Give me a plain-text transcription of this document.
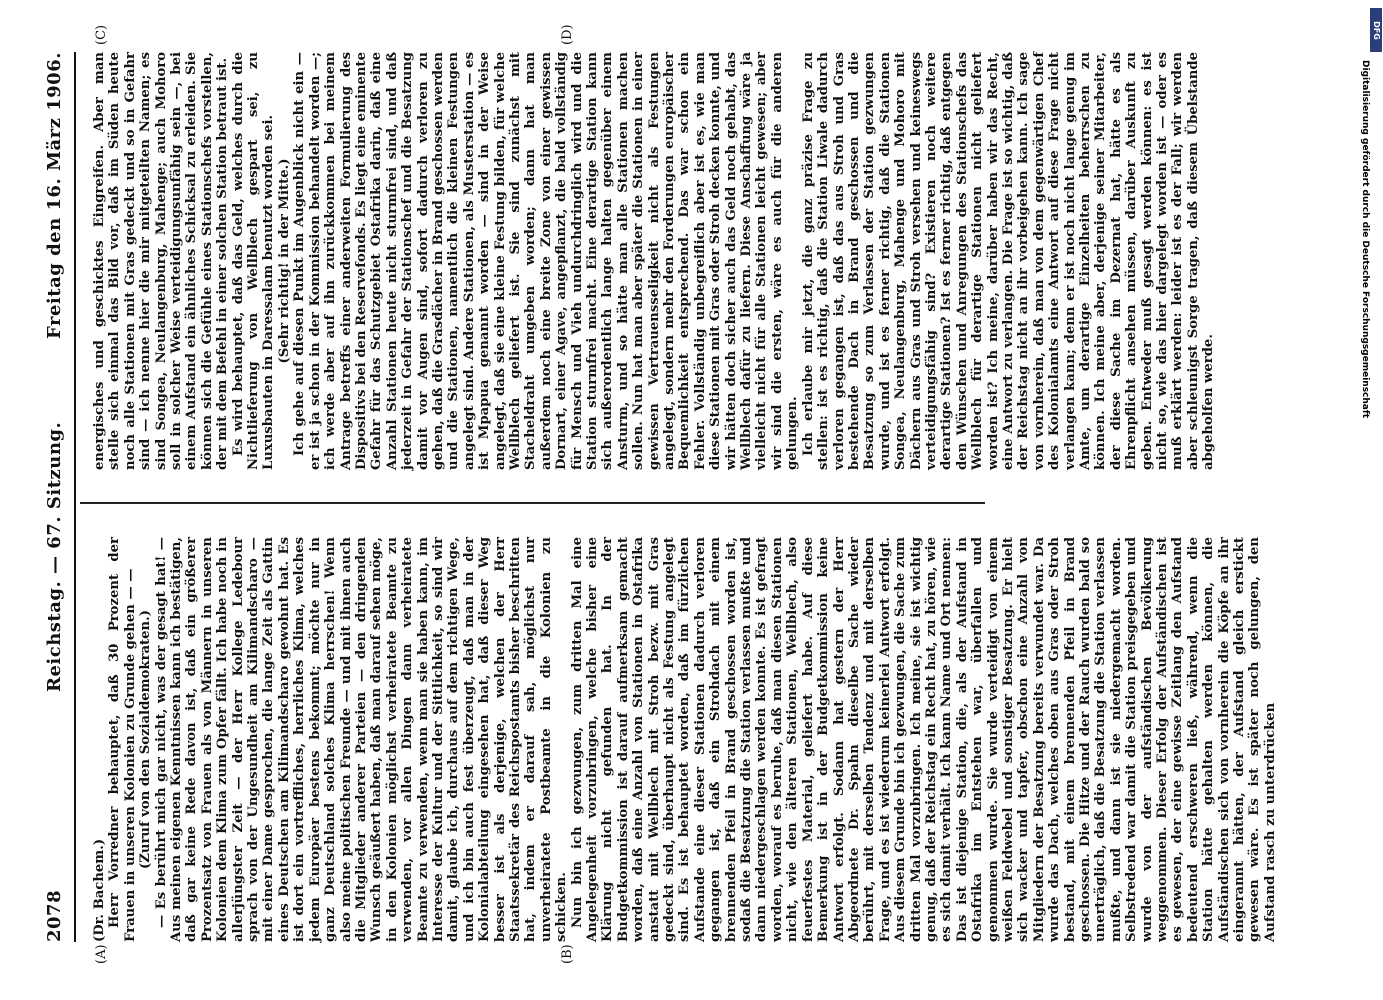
2078
Reichstag. — 67. Sitzung.
Freitag den 16. März 1906.

(Dr. Bachem.) Herr Vorredner behauptet, daß 30 Prozent der Frauen in unseren Kolonien zu Grunde gehen — — (Zuruf von den Sozialdemokraten.) — Es berührt mich gar nicht, was der gesagt hat! — Aus meinen eigenen Kenntnissen kann ich bestätigen, daß gar keine Rede davon ist, daß ein größerer Prozentsatz von Frauen als von Männern in unseren Kolonien dem Klima zum Opfer fällt. Ich habe noch in allerjüngster Zeit — der Herr Kollege Ledebour sprach von der Ungesundheit am Kilimandscharo — mit einer Dame gesprochen, die lange Zeit als Gattin eines Deutschen am Kilimandscharo gewohnt hat. Es ist dort ein vortreffliches, herrliches Klima, welches jedem Europäer bestens bekommt; möchte nur in ganz Deutschland solches Klima herrschen! Wenn also meine politischen Freunde — und mit ihnen auch die Mitglieder anderer Parteien — den dringenden Wunsch geäußert haben, daß man darauf sehen möge, in den Kolonien möglichst verheiratete Beamte zu verwenden, vor allen Dingen dann verheiratete Beamte zu verwenden, wenn man sie haben kann, im Interesse der Kultur und der Sittlichkeit, so sind wir damit, glaube ich, durchaus auf dem richtigen Wege, und ich bin auch fest überzeugt, daß man in der Kolonialabteilung eingesehen hat, daß dieser Weg besser ist als derjenige, welchen der Herr Staatssekretär des Reichspostamts bisher beschritten hat, indem er darauf sah, möglichst nur unverheiratete Postbeamte in die Kolonien zu schicken. Nun bin ich gezwungen, zum dritten Mal eine Angelegenheit vorzubringen, welche bisher eine Klärung nicht gefunden hat. In der Budgetkommission ist darauf aufmerksam gemacht worden, daß eine Anzahl von Stationen in Ostafrika anstatt mit Wellblech mit Stroh bezw. mit Gras gedeckt sind, überhaupt nicht als Festung angelegt sind. Es ist behauptet worden, daß im fürzlichen Aufstande eine dieser Stationen dadurch verloren gegangen ist, daß ein Strohdach mit einem brennenden Pfeil in Brand geschossen worden ist, sodaß die Besatzung die Station verlassen mußte und dann niedergeschlagen werden konnte. Es ist gefragt worden, worauf es beruhe, daß man diesen Stationen nicht, wie den älteren Stationen, Wellblech, also feuerfestes Material, geliefert habe. Auf diese Bemerkung ist in der Budgetkommission keine Antwort erfolgt. Sodann hat gestern der Herr Abgeordnete Dr. Spahn dieselbe Sache wieder berührt, mit derselben Tendenz und mit derselben Frage, und es ist wiederum keinerlei Antwort erfolgt. Aus diesem Grunde bin ich gezwungen, die Sache zum dritten Mal vorzubringen. Ich meine, sie ist wichtig genug, daß der Reichstag ein Recht hat, zu hören, wie es sich damit verhält. Ich kann Name und Ort nennen: Das ist diejenige Station, die, als der Aufstand in Ostafrika im Entstehen war, überfallen und genommen wurde. Sie wurde verteidigt von einem weißen Feldwebel und sonstiger Besatzung. Er hielt sich wacker und tapfer, obschon eine Anzahl von Mitgliedern der Besatzung bereits verwundet war. Da wurde das Dach, welches oben aus Gras oder Stroh bestand, mit einem brennenden Pfeil in Brand geschossen. Die Hitze und der Rauch wurden bald so unerträglich, daß die Besatzung die Station verlassen mußte, und dann ist sie niedergemacht worden. Selbstredend war damit die Station preisgegeben und wurde von der aufständischen Bevölkerung weggenommen. Dieser Erfolg der Aufständischen ist es gewesen, der eine gewisse Zeitlang den Aufstand bedeutend erschweren ließ, während, wenn die Station hätte gehalten werden können, die Aufständischen sich von vornherein die Köpfe an ihr eingerannt hätten, der Aufstand gleich erstickt gewesen wäre. Es ist später noch gelungen, den Aufstand rasch zu unterdrücken

energisches und geschicktes Eingreifen. Aber man stelle sich einmal das Bild vor, daß im Süden heute noch alle Stationen mit Gras gedeckt und so in Gefahr sind — ich nenne hier die mir mitgeteilten Namen; es sind Songea, Neulangenburg, Mahenge; auch Mohoro soll in solcher Weise verteidigungsunfähig sein —, bei einem Aufstand ein ähnliches Schicksal zu erleiden. Sie können sich die Gefühle eines Stationschefs vorstellen, der mit dem Befehl in einer solchen Station betraut ist. Es wird behauptet, daß das Geld, welches durch die Nichtlieferung von Wellblech gespart sei, zu Luxusbauten in Daressalam benutzt worden sei. (Sehr richtig! in der Mitte.) Ich gehe auf diesen Punkt im Augenblick nicht ein — er ist ja schon in der Kommission behandelt worden —; ich werde aber auf ihn zurückkommen bei meinem Antrage betreffs einer anderweiten Formulierung des Dispositivs bei den Reservefonds. Es liegt eine eminente Gefahr für das Schutzgebiet Ostafrika darin, daß eine Anzahl Stationen heute nicht sturmfrei sind, und daß jederzeit in Gefahr der Stationschef und die Besatzung damit vor Augen sind, sofort dadurch verloren zu gehen, daß die Grasdächer in Brand geschossen werden und die Stationen, namentlich die kleinen Festungen angelegt sind. Andere Stationen, als Musterstation — es ist Mpapua genannt worden — sind in der Weise angelegt, daß sie eine kleine Festung bilden, für welche Wellblech geliefert ist. Sie sind zunächst mit Stacheldraht umgeben worden; dann hat man außerdem noch eine breite Zone von einer gewissen Dornart, einer Agave, angepflanzt, die bald vollständig für Mensch und Vieh undurchdringlich wird und die Station sturmfrei macht. Eine derartige Station kann sich außerordentlich lange halten gegenüber einem Ansturm, und so hätte man alle Stationen machen sollen. Nun hat man aber später die Stationen in einer gewissen Vertrauensseligkeit nicht als Festungen angelegt, sondern mehr den Forderungen europäischer Bequemlichkeit entsprechend. Das war schon ein Fehler. Vollständig unbegreiflich aber ist es, wie man diese Stationen mit Gras oder Stroh decken konnte, und wir hätten doch sicher auch das Geld noch gehabt, das Wellblech dafür zu liefern. Diese Anschaffung wäre ja vielleicht nicht für alle Stationen leicht gewesen; aber wir sind die ersten, wäre es auch für die anderen gelungen. Ich erlaube mir jetzt, die ganz präzise Frage zu stellen: ist es richtig, daß die Station Liwale dadurch verloren gegangen ist, daß das aus Stroh und Gras bestehende Dach in Brand geschossen und die Besatzung so zum Verlassen der Station gezwungen wurde, und ist es ferner richtig, daß die Stationen Songea, Neulangenburg, Mahenge und Mohoro mit Dächern aus Gras und Stroh versehen und keineswegs verteidigungsfähig sind? Existieren noch weitere derartige Stationen? Ist es ferner richtig, daß entgegen den Wünschen und Anregungen des Stationschefs das Wellblech für derartige Stationen nicht geliefert worden ist? Ich meine, darüber haben wir das Recht, eine Antwort zu verlangen. Die Frage ist so wichtig, daß der Reichstag nicht an ihr vorbeigehen kann. Ich sage von vornherein, daß man von dem gegenwärtigen Chef des Kolonialamts eine Antwort auf diese Frage nicht verlangen kann; denn er ist noch nicht lange genug im Amte, um derartige Einzelheiten beherrschen zu können. Ich meine aber, derjenige seiner Mitarbeiter, der diese Sache im Dezernat hat, hätte es als Ehrenpflicht ansehen müssen, darüber Auskunft zu geben. Entweder muß gesagt werden können: es ist nicht so, wie das hier dargelegt worden ist — oder es muß erklärt werden: leider ist es der Fall; wir werden aber schleunigst Sorge tragen, daß diesem Übelstande abgeholfen werde.

(A)	(B)
(C)	(D)	DFG
Digitalisierung gefördert durch die Deutsche Forschungsgemeinschaft
